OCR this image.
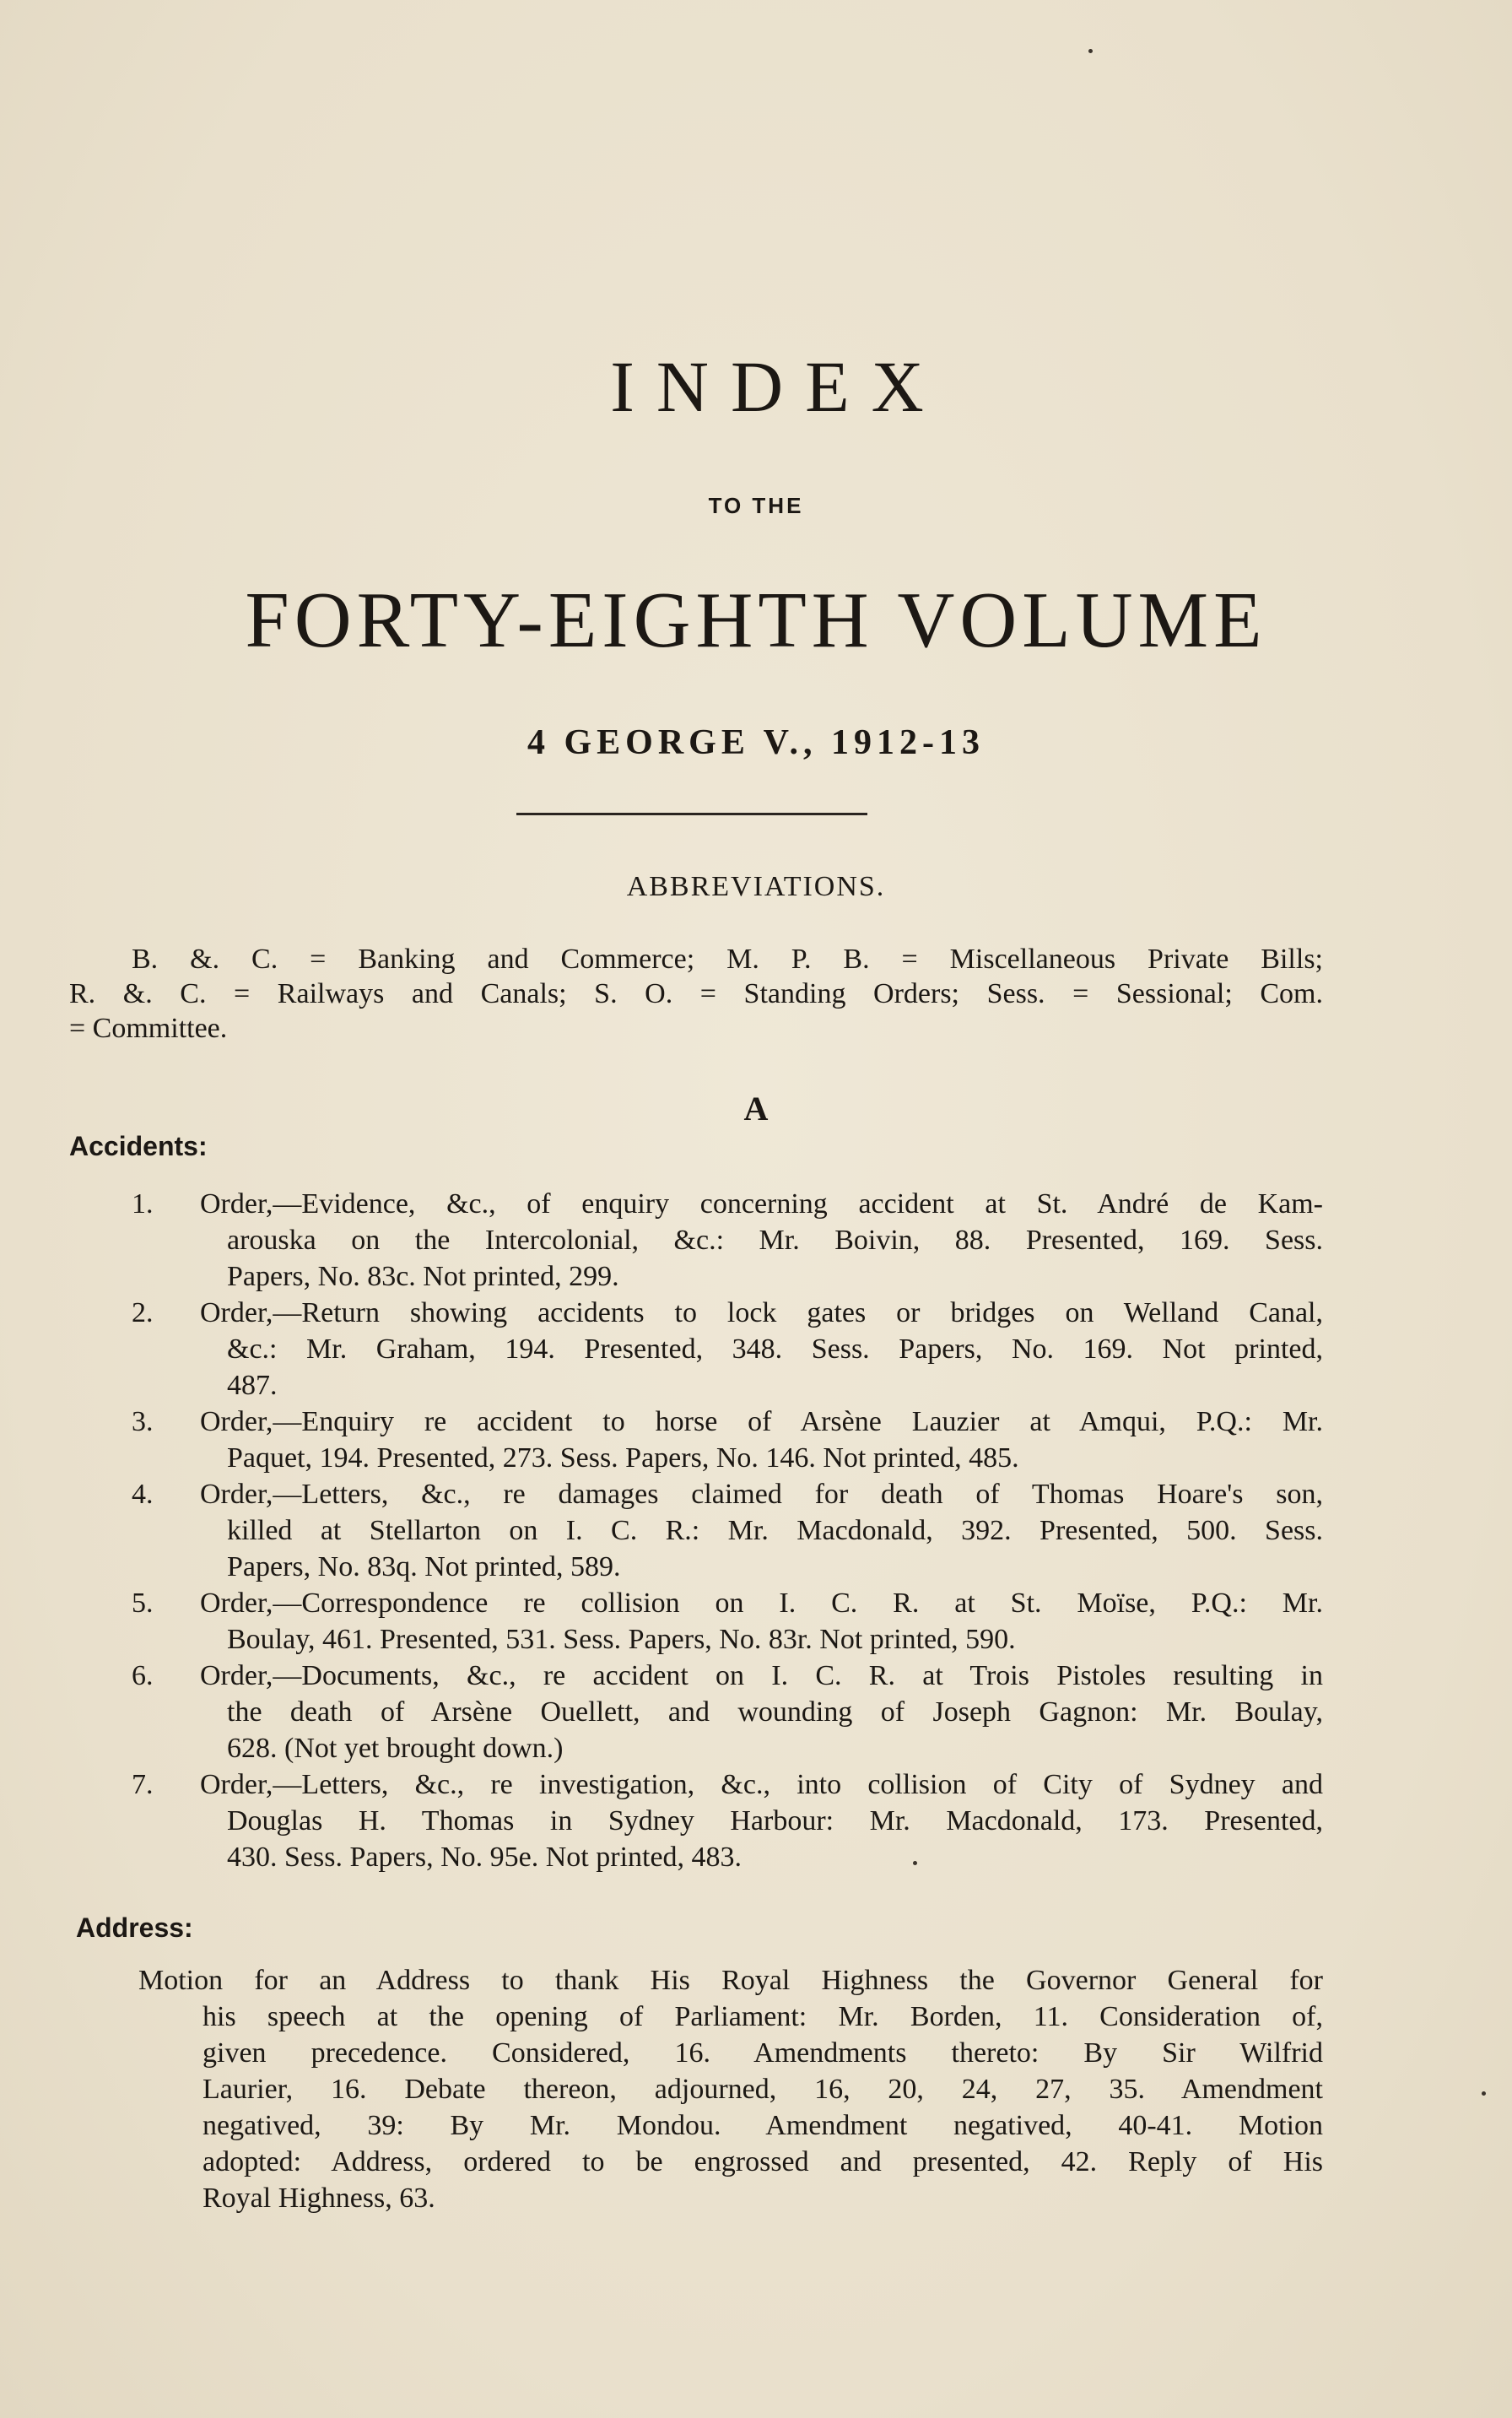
INDEX
TO THE
FORTY-EIGHTH VOLUME
4 GEORGE V., 1912-13
ABBREVIATIONS.
B. &. C. = Banking and Commerce; M. P. B. = Miscellaneous Private Bills;
R. &. C. = Railways and Canals; S. O. = Standing Orders; Sess. = Sessional; Com.
= Committee.
A
Accidents:
1. Order,—Evidence, &c., of enquiry concerning accident at St. André de Kam-
arouska on the Intercolonial, &c.: Mr. Boivin, 88. Presented, 169. Sess.
Papers, No. 83c. Not printed, 299.
2. Order,—Return showing accidents to lock gates or bridges on Welland Canal,
&c.: Mr. Graham, 194. Presented, 348. Sess. Papers, No. 169. Not printed,
487.
3. Order,—Enquiry re accident to horse of Arsène Lauzier at Amqui, P.Q.: Mr.
Paquet, 194. Presented, 273. Sess. Papers, No. 146. Not printed, 485.
4. Order,—Letters, &c., re damages claimed for death of Thomas Hoare's son,
killed at Stellarton on I. C. R.: Mr. Macdonald, 392. Presented, 500. Sess.
Papers, No. 83q. Not printed, 589.
5. Order,—Correspondence re collision on I. C. R. at St. Moïse, P.Q.: Mr.
Boulay, 461. Presented, 531. Sess. Papers, No. 83r. Not printed, 590.
6. Order,—Documents, &c., re accident on I. C. R. at Trois Pistoles resulting in
the death of Arsène Ouellett, and wounding of Joseph Gagnon: Mr. Boulay,
628. (Not yet brought down.)
7. Order,—Letters, &c., re investigation, &c., into collision of City of Sydney and
Douglas H. Thomas in Sydney Harbour: Mr. Macdonald, 173. Presented,
430. Sess. Papers, No. 95e. Not printed, 483.
Address:
Motion for an Address to thank His Royal Highness the Governor General for
his speech at the opening of Parliament: Mr. Borden, 11. Consideration of,
given precedence. Considered, 16. Amendments thereto: By Sir Wilfrid
Laurier, 16. Debate thereon, adjourned, 16, 20, 24, 27, 35. Amendment
negatived, 39: By Mr. Mondou. Amendment negatived, 40-41. Motion
adopted: Address, ordered to be engrossed and presented, 42. Reply of His
Royal Highness, 63.
